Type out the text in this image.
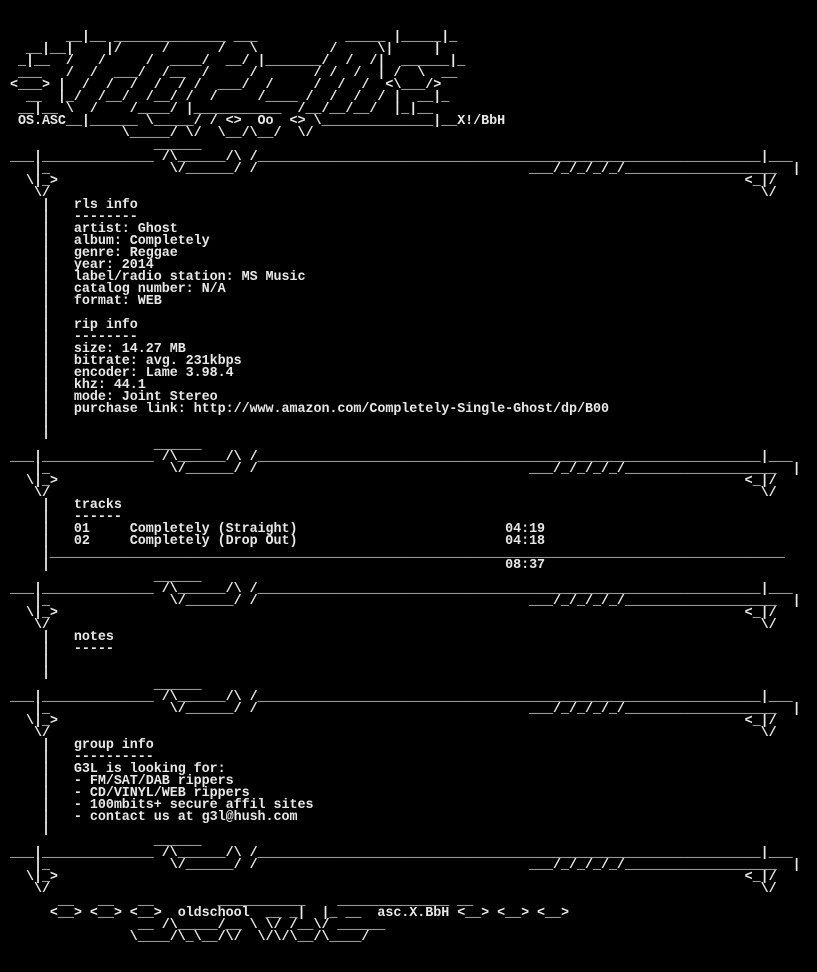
__|__ ______________ ___           _____ |_____|_
__|__|    |/     /      /   \         /     \|     |
_|__  /   /     /  ____/  __/ |_______/  /  /|  ______|_
___   /  /  ___/  /__  /     /       / /  /  | /  \  __
<___> |  /  /  /  /  / /  ___/  /     /  /  /  <\___/>
__  |_/  /__/  /__/ /  /     /____ /  /  /  / |  __|_
__|__ \  /    /____/ |___________  /__/__/__/  |_|__
OS.ASC__|______ \_____/ / <>  Oo  <> \______________|__X!/BbH
\_____/ \/  \__/\__/  \/
______
___|______________ /\______/\ /_______________________________________________________________|___
|_               \/______/ /                                  ___/_/_/_/_/___________________  |
\|_>                                                                                      <_|/
\/                                                                                         \/
|   rls info
|   --------
|   artist: Ghost
|   album: Completely
|   genre: Reggae
|   year: 2014
|   label/radio station: MS Music
|   catalog number: N/A
|   format: WEB
|
|   rip info
|   --------
|   size: 14.27 MB
|   bitrate: avg. 231kbps
|   encoder: Lame 3.98.4
|   khz: 44.1
|   mode: Joint Stereo
|   purchase link: http://www.amazon.com/Completely-Single-Ghost/dp/B00
|
|
______
___|______________ /\______/\ /_______________________________________________________________|___
|_               \/______/ /                                  ___/_/_/_/_/___________________  |
\|_>                                                                                      <_|/
\/                                                                                         \/
|   tracks
|   ------
|   01     Completely (Straight)                          04:19
|   02     Completely (Drop Out)                          04:18
|____________________________________________________________________________________________
|                                                         08:37
______
___|______________ /\______/\ /_______________________________________________________________|___
|_               \/______/ /                                  ___/_/_/_/_/___________________  |
\|_>                                                                                      <_|/
\/                                                                                         \/
|   notes
|   -----
|
|
______
___|______________ /\______/\ /_______________________________________________________________|___
|_               \/______/ /                                  ___/_/_/_/_/___________________  |
\|_>                                                                                      <_|/
\/                                                                                         \/
|   group info
|   ----------
|   G3L is looking for:
|   - FM/SAT/DAB rippers
|   - CD/VINYL/WEB rippers
|   - 100mbits+ secure affil sites
|   - contact us at g3l@hush.com
|
______
___|______________ /\______/\ /_______________________________________________________________|___
|_               \/______/ /                                  ___/_/_/_/_/___________________  |
\|_>                                                                                      <_|/
\/                                                                                         \/
__   __   __        ___________    ______________ __
<__> <__> <__>  oldschool  __ _|  |_ __  asc.X.BbH <__> <__> <__>
__ /\_____/__ \ \/ /__\/ ______
\____/\_\__/\/  \/\/\__/\____/
